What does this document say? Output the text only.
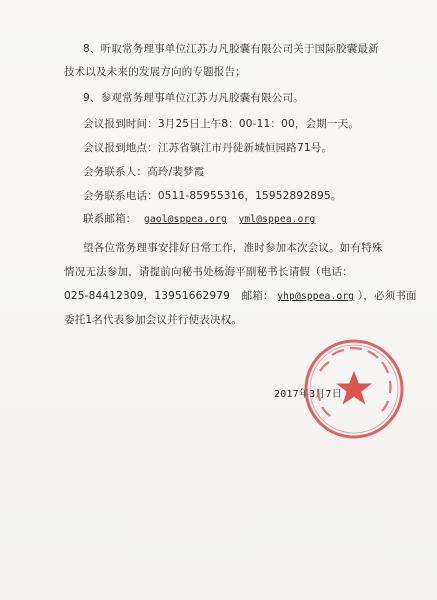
8、听取常务理事单位江苏力凡胶囊有限公司关于国际胶囊最新
技术以及未来的发展方向的专题报告；
9、参观常务理事单位江苏力凡胶囊有限公司。
会议报到时间：3月25日上午8：00-11：00，会期一天。
会议报到地点：江苏省镇江市丹徒新城恒园路71号。
会务联系人：高玲/裴梦霞
会务联系电话：0511-85955316，15952892895。
联系邮箱： gaol@sppea.org yml@sppea.org
望各位常务理事安排好日常工作，准时参加本次会议。如有特殊
情况无法参加，请提前向秘书处杨海平副秘书长请假（电话：
025-84412309，13951662979 邮箱： yhp@sppea.org ），必须书面
委托1名代表参加会议并行使表决权。
2017年3月7日
